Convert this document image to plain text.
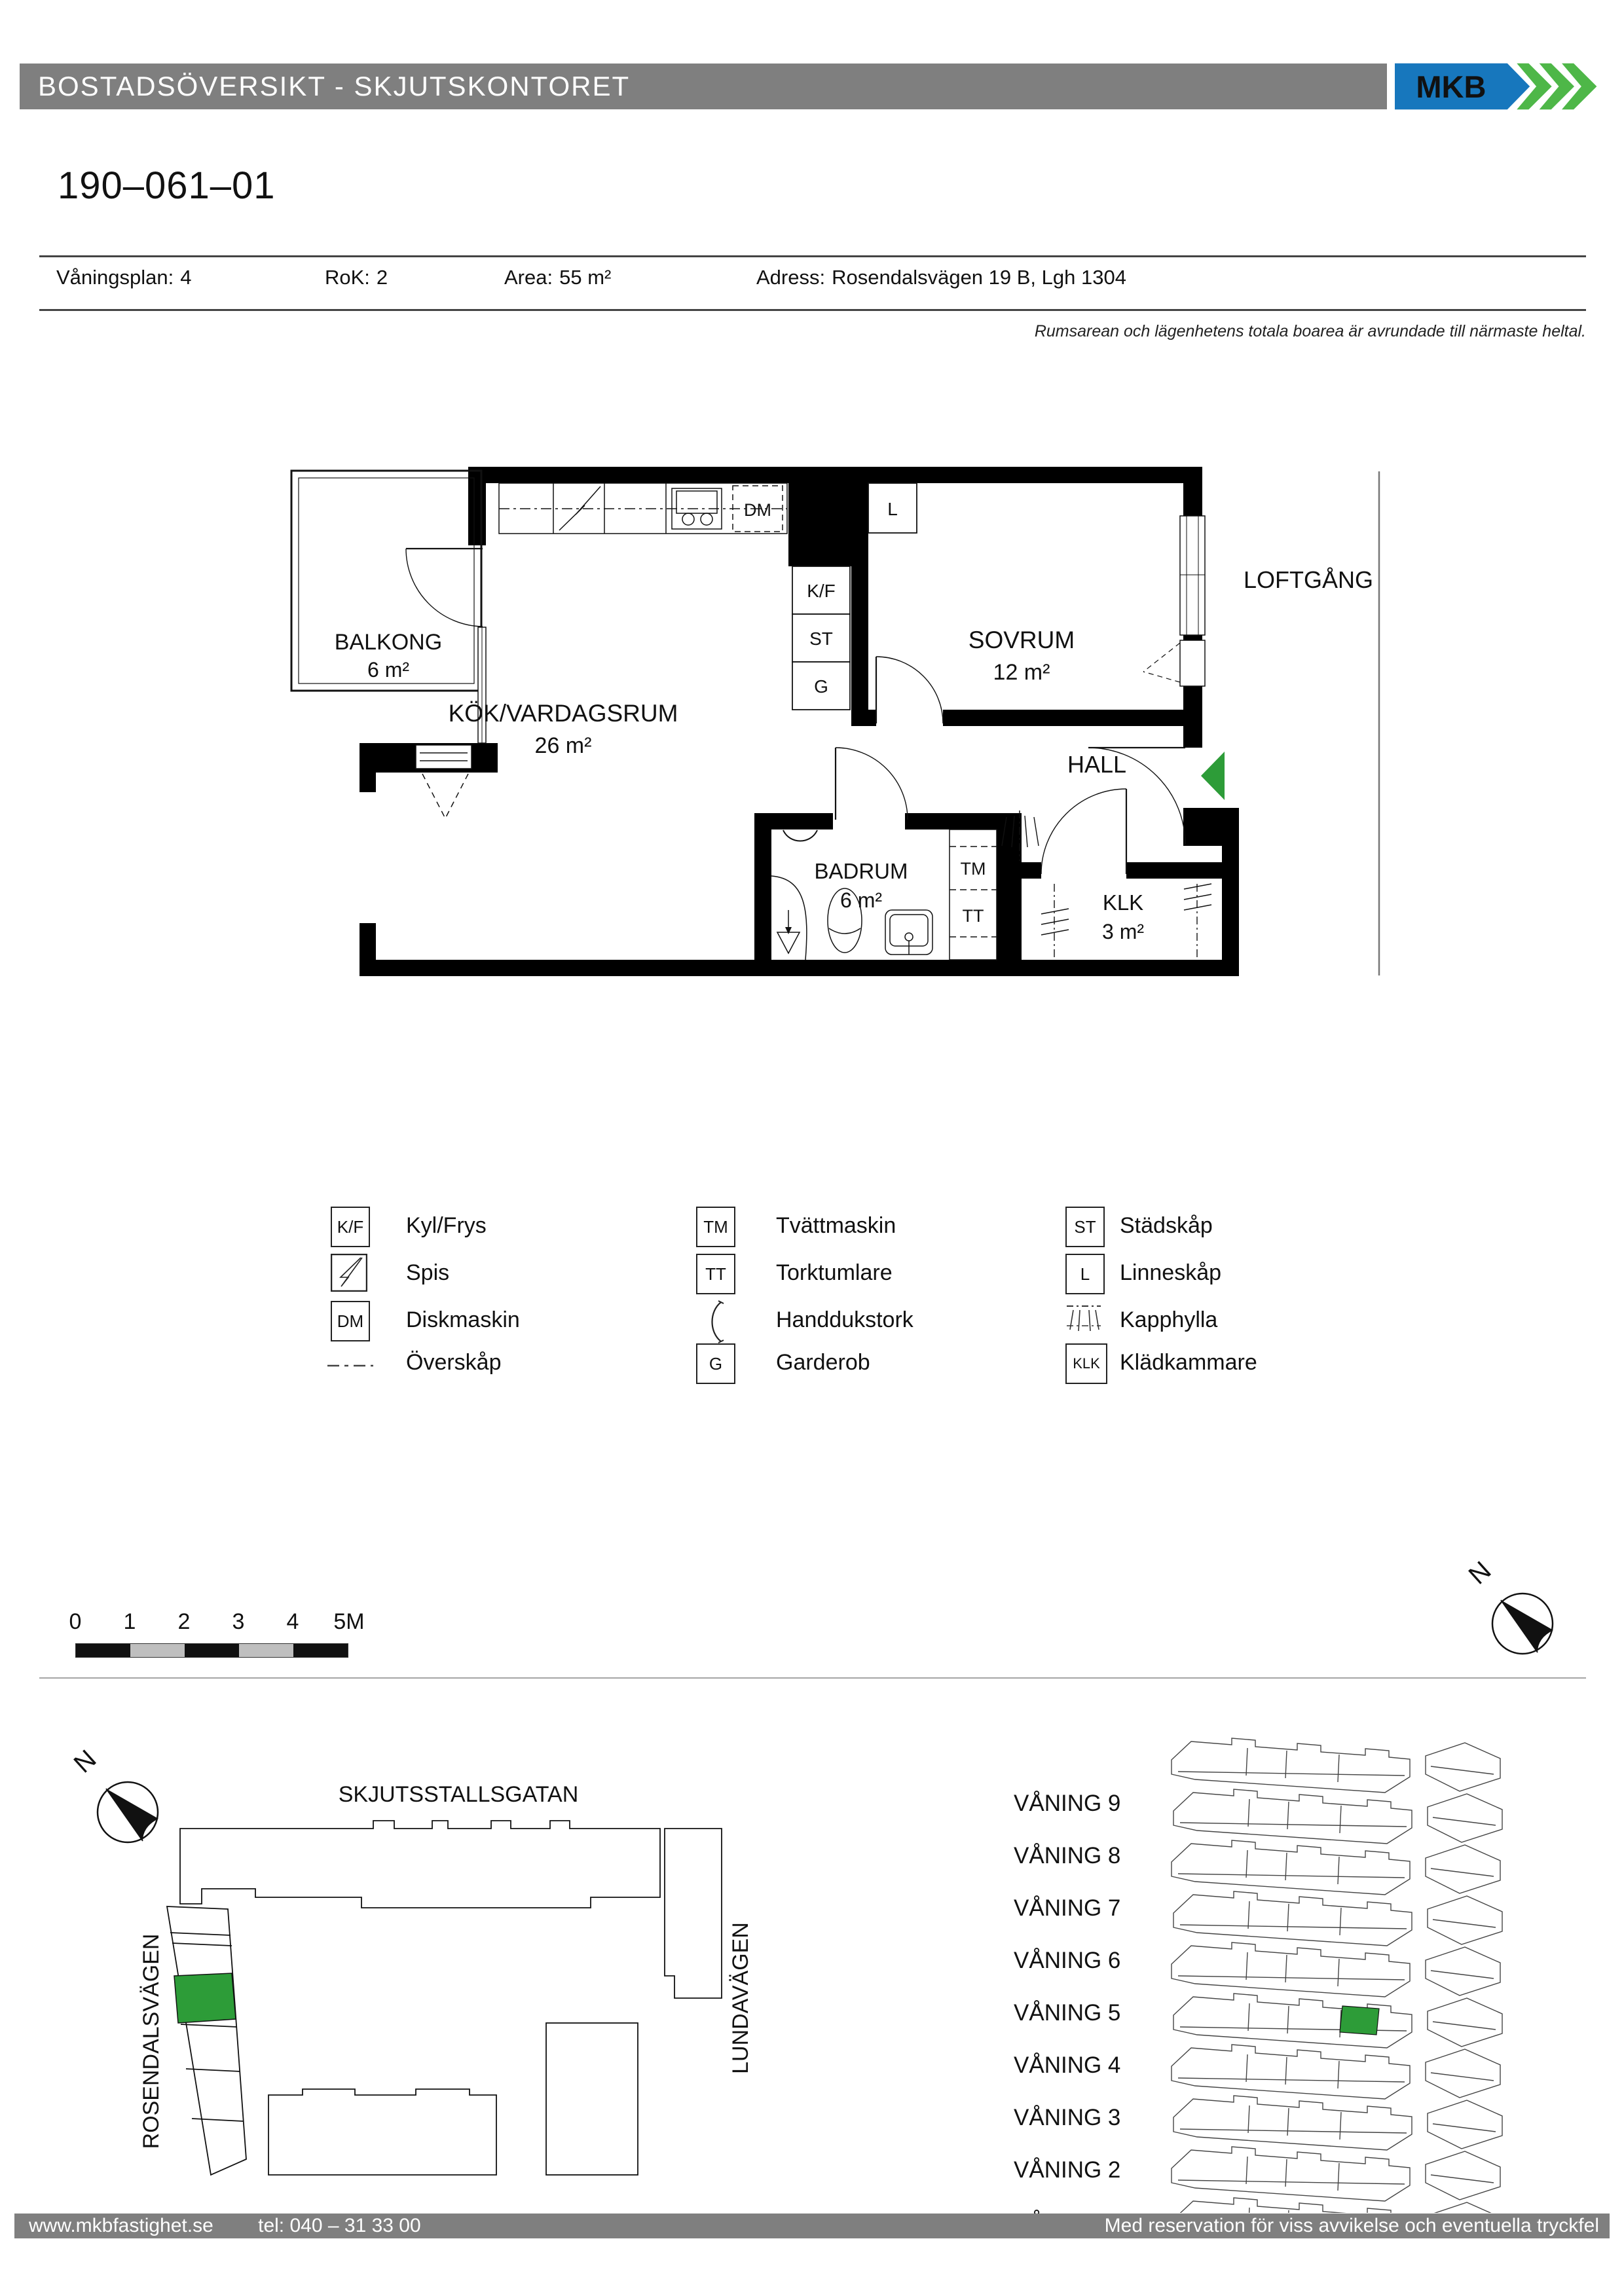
BOSTADSÖVERSIKT - SKJUTSKONTORET	MKB
190–061–01
Våningsplan: 4	RoK: 2	Area: 55 m²	Adress: Rosendalsvägen 19 B, Lgh 1304
Rumsarean och lägenhetens totala boarea är avrundade till närmaste heltal.
DM
K/F
ST
G
L
TM
TT
BALKONG
6 m²
KÖK/VARDAGSRUM
26 m²
SOVRUM
12 m²
HALL
BADRUM
6 m²	KLK
3 m²
LOFTGÅNG
K/F Kyl/Frys
Spis
DM Diskmaskin
Överskåp
TM	Tvättmaskin
TT	Torktumlare
Handdukstork
G	Garderob
ST	Städskåp
L	Linneskåp
Kapphylla
KLK Klädkammare
0 1 2 3 4 5M
N
N
SKJUTSSTALLSGATAN
ROSENDALSVÄGEN	LUNDAVÄGEN
VÅNING 9
VÅNING 8
VÅNING 7
VÅNING 6
VÅNING 5
VÅNING 4
VÅNING 3
VÅNING 2
www.mkbfastighet.se tel: 040 – 31 33 00	Med reservation för viss avvikelse och eventuella tryckfel
